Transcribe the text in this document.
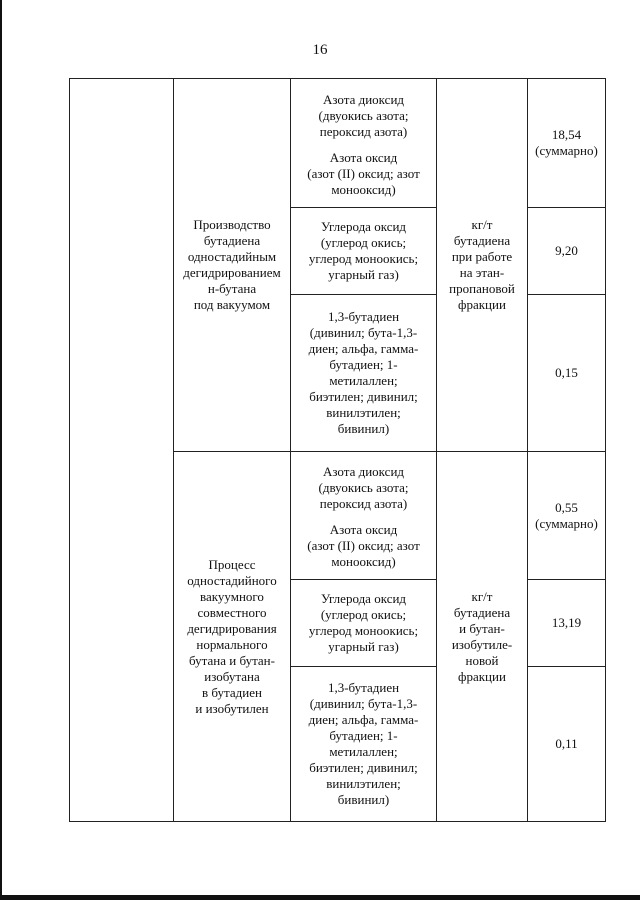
16
Производство
бутадиена
одностадийным
дегидрированием
н-бутана
под вакуумом
Азота диоксид
(двуокись азота;
пероксид азота)
Азота оксид
(азот (II) оксид; азот
монооксид)
Углерода оксид
(углерод окись;
углерод моноокись;
угарный газ)
1,3-бутадиен
(дивинил; бута-1,3-
диен; альфа, гамма-
бутадиен; 1-
метилаллен;
биэтилен; дивинил;
винилэтилен;
бивинил)
кг/т
бутадиена
при работе
на этан-
пропановой
фракции
18,54
(суммарно)
9,20
0,15
Процесс
одностадийного
вакуумного
совместного
дегидрирования
нормального
бутана и бутан-
изобутана
в бутадиен
и изобутилен
Азота диоксид
(двуокись азота;
пероксид азота)
Азота оксид
(азот (II) оксид; азот
монооксид)
Углерода оксид
(углерод окись;
углерод моноокись;
угарный газ)
1,3-бутадиен
(дивинил; бута-1,3-
диен; альфа, гамма-
бутадиен; 1-
метилаллен;
биэтилен; дивинил;
винилэтилен;
бивинил)
кг/т
бутадиена
и бутан-
изобутиле-
новой
фракции
0,55
(суммарно)
13,19
0,11
